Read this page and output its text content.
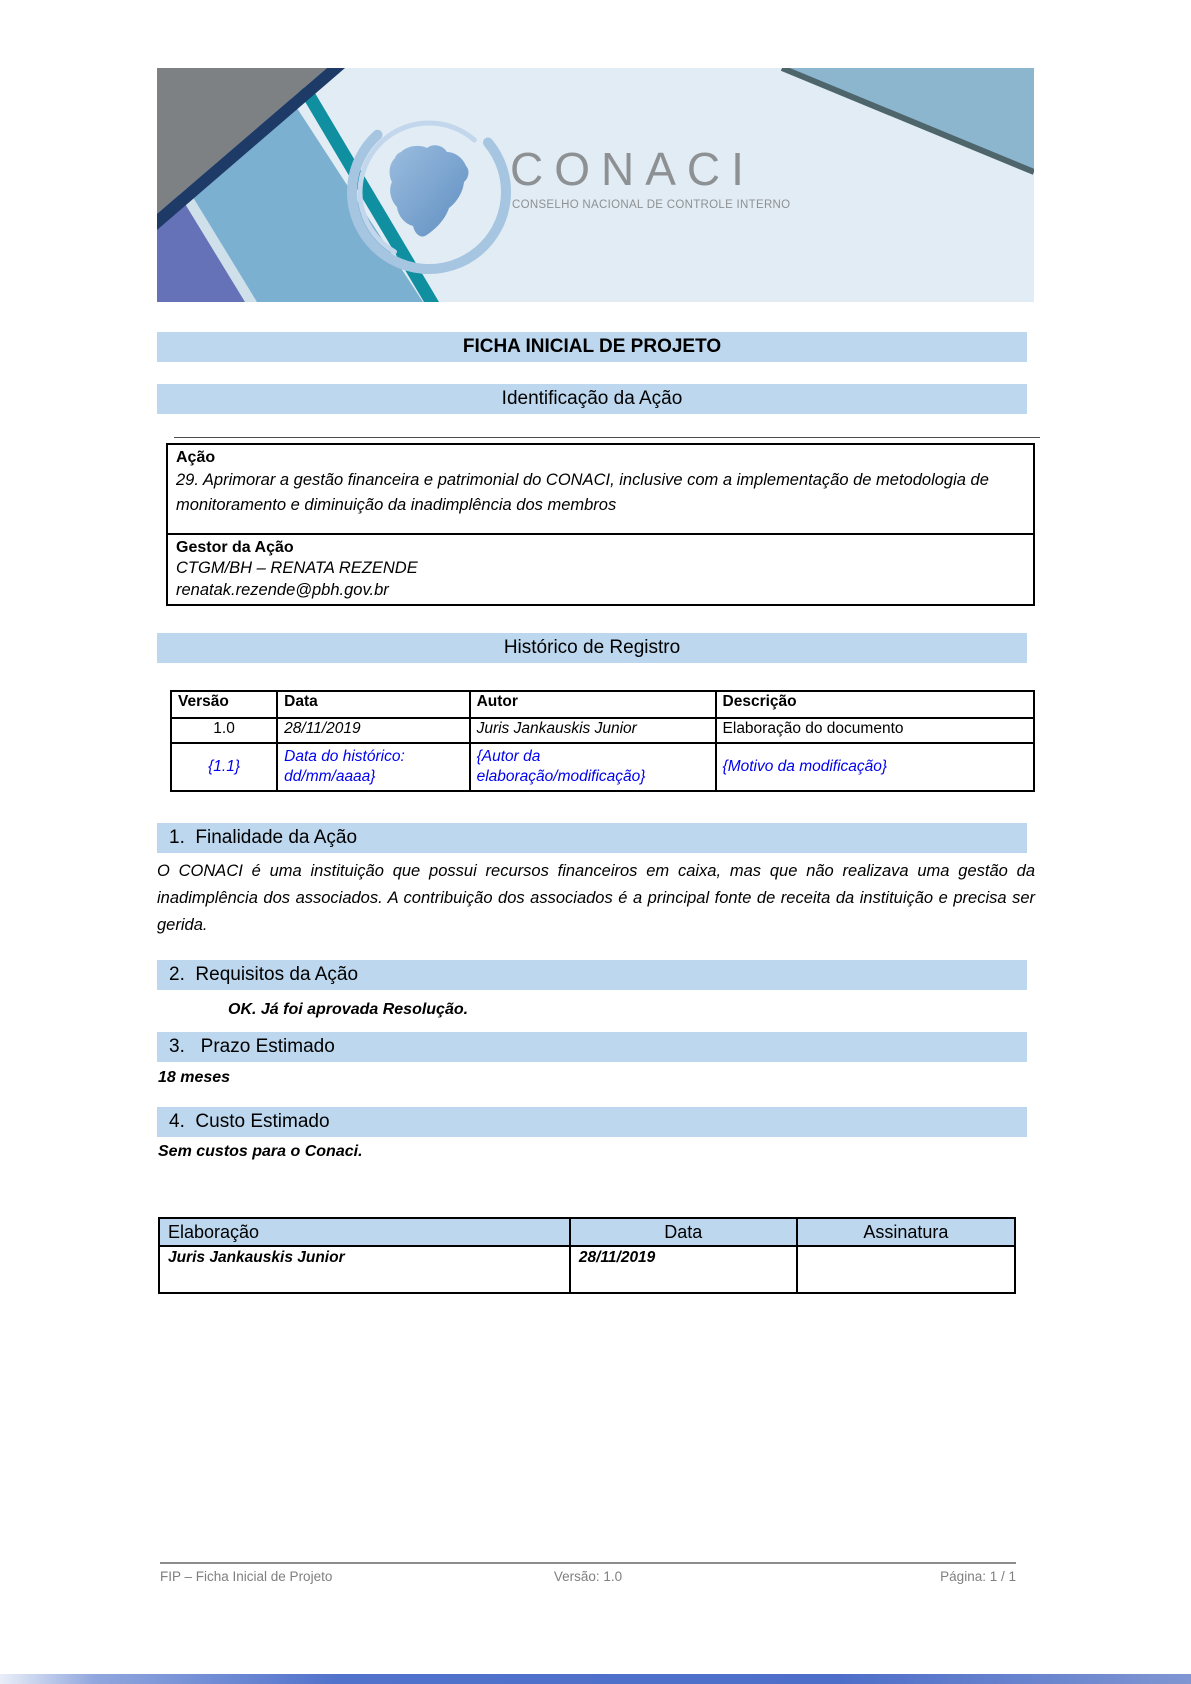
CONACI
CONSELHO NACIONAL DE CONTROLE INTERNO
FICHA INICIAL DE PROJETO
Identificação da Ação
Ação
29. Aprimorar a gestão financeira e patrimonial do CONACI, inclusive com a implementação de metodologia de monitoramento e diminuição da inadimplência dos membros
Gestor da Ação
CTGM/BH – RENATA REZENDE
renatak.rezende@pbh.gov.br
Histórico de Registro
Versão	Data	Autor	Descrição
1.0	28/11/2019	Juris Jankauskis Junior	Elaboração do documento
{1.1}	Data do histórico: dd/mm/aaaa}	{Autor da elaboração/modificação}	{Motivo da modificação}
1.  Finalidade da Ação
O CONACI é uma instituição que possui recursos financeiros em caixa, mas que não realizava uma gestão da inadimplência dos associados. A contribuição dos associados é a principal fonte de receita da instituição e precisa ser gerida.
2.  Requisitos da Ação
OK. Já foi aprovada Resolução.
3.   Prazo Estimado
18 meses
4.  Custo Estimado
Sem custos para o Conaci.
Elaboração	Data	Assinatura
Juris Jankauskis Junior	28/11/2019	
FIP – Ficha Inicial de Projeto	Versão: 1.0	Página: 1 / 1
